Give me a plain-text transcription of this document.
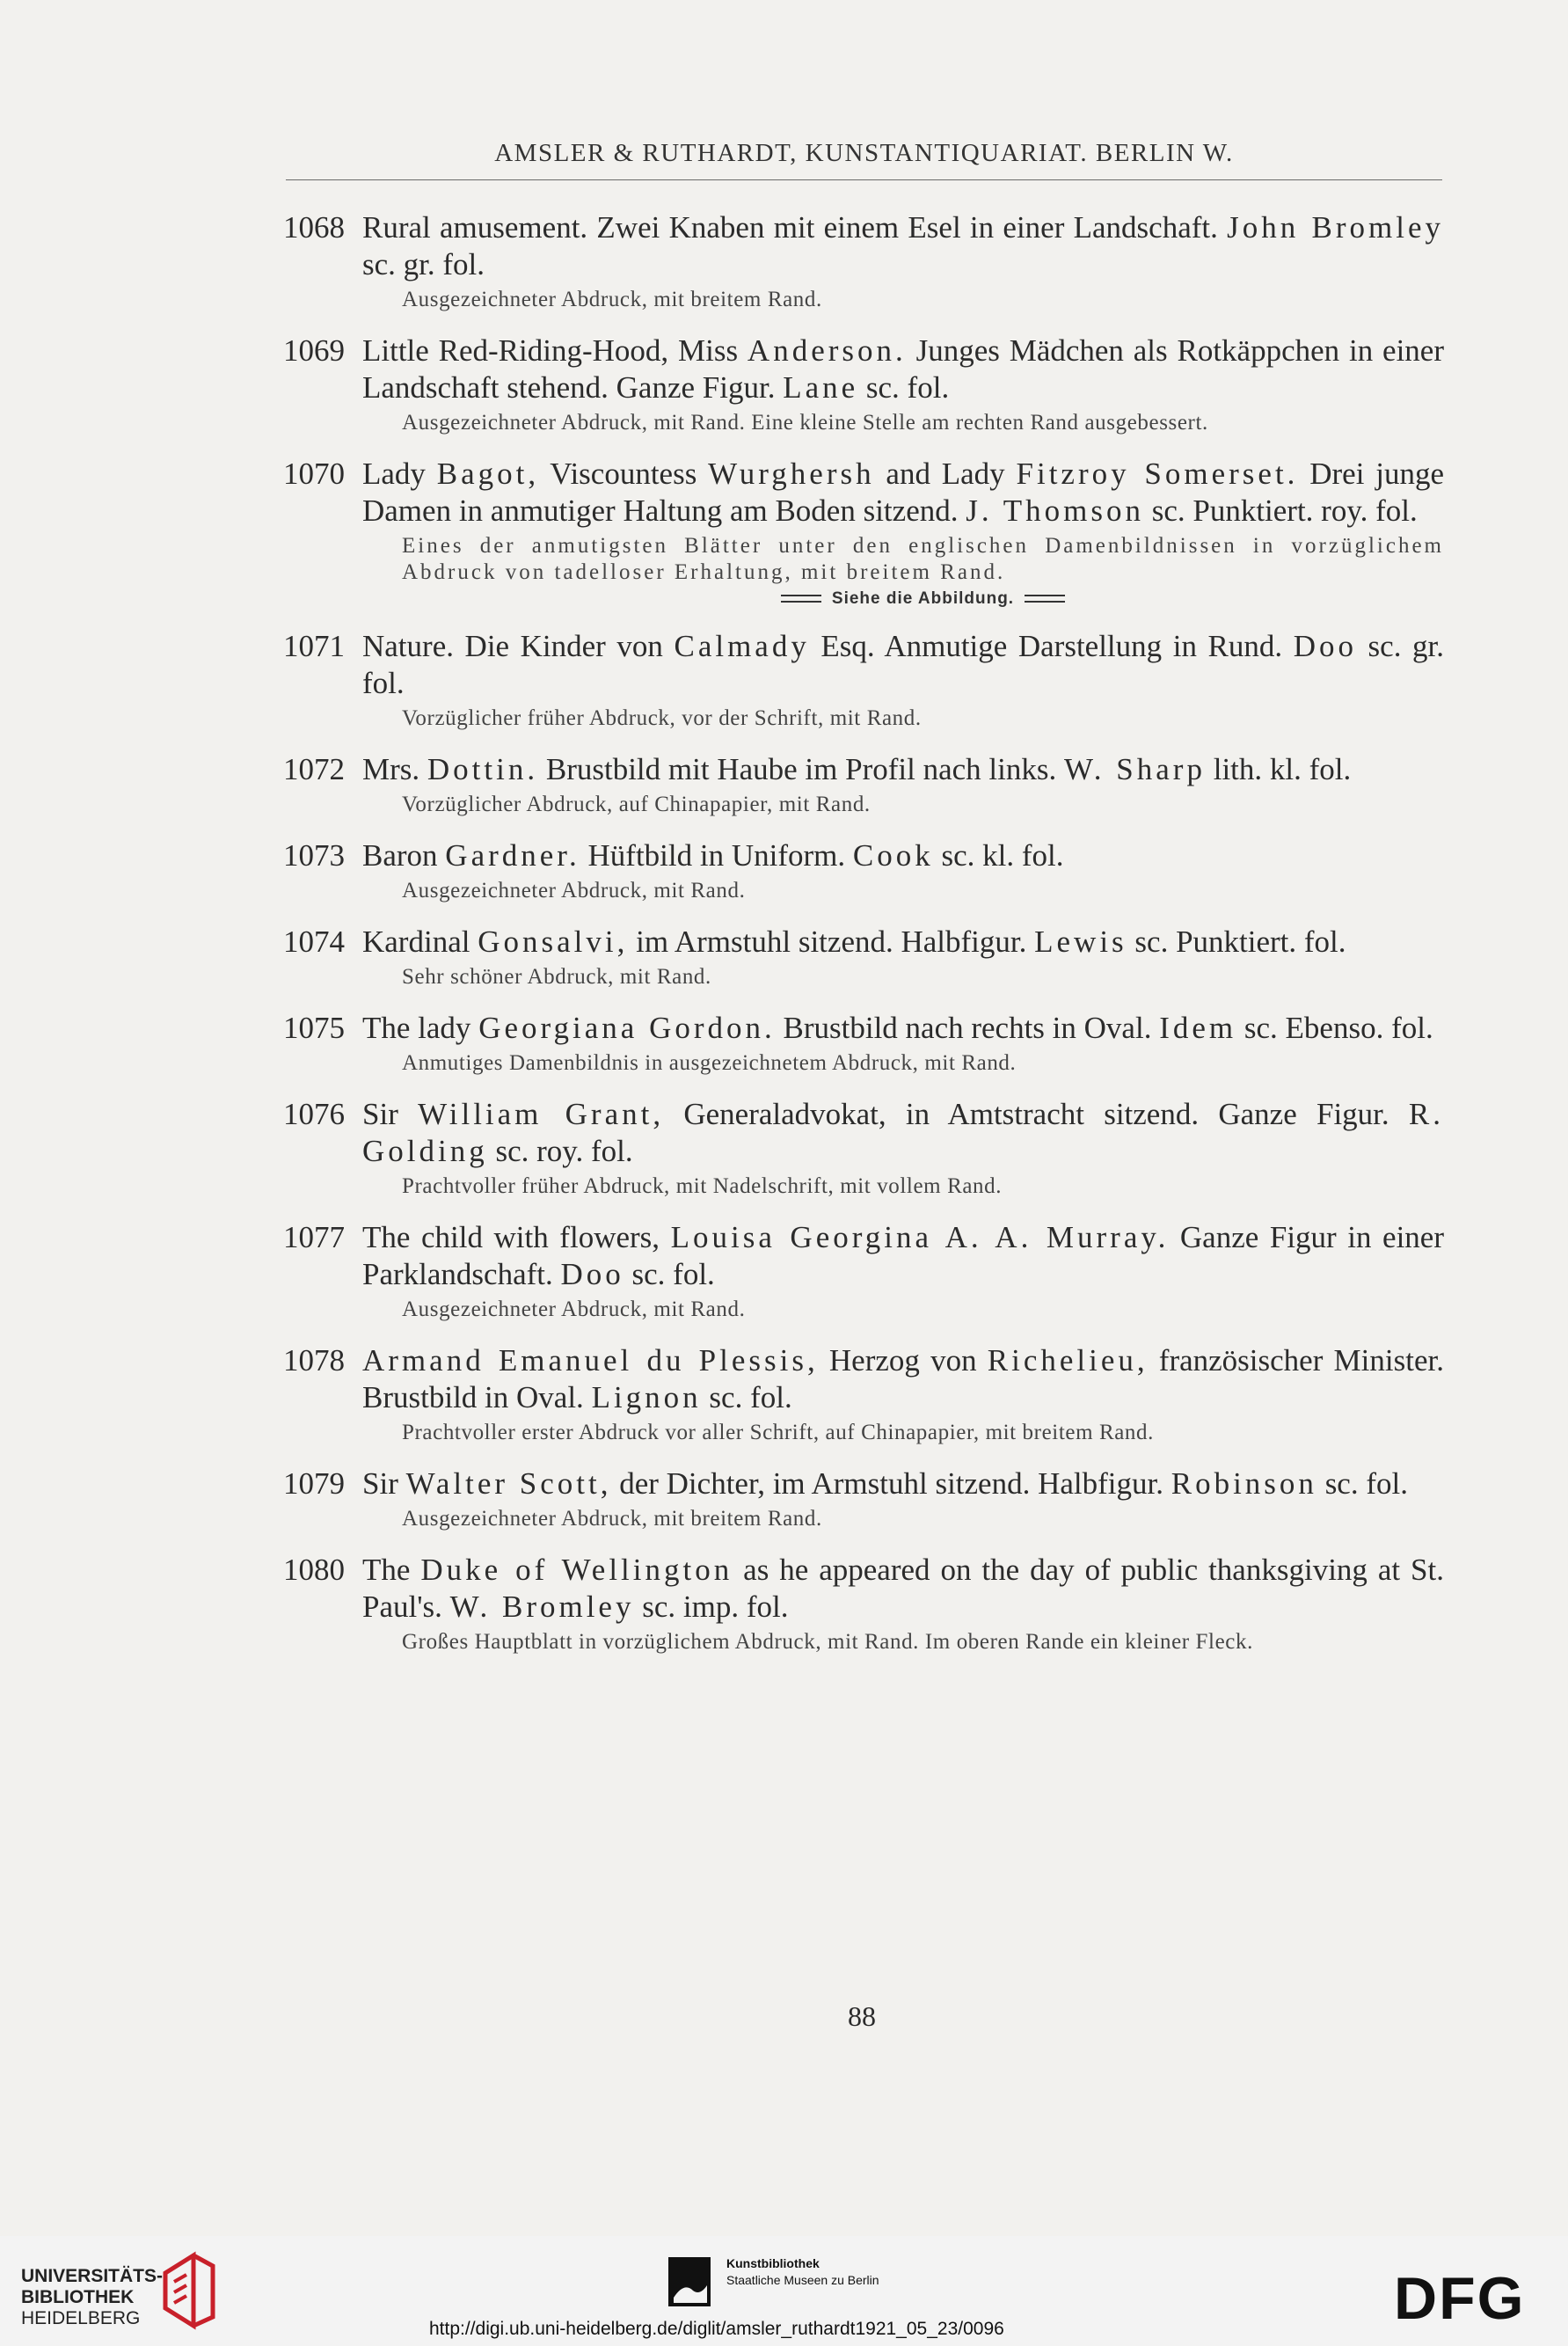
AMSLER & RUTHARDT, KUNSTANTIQUARIAT. BERLIN W.
1068 Rural amusement. Zwei Knaben mit einem Esel in einer Landschaft. John Bromley sc. gr. fol.
Ausgezeichneter Abdruck, mit breitem Rand.
1069 Little Red-Riding-Hood, Miss Anderson. Junges Mädchen als Rotkäppchen in einer Landschaft stehend. Ganze Figur. Lane sc. fol.
Ausgezeichneter Abdruck, mit Rand. Eine kleine Stelle am rechten Rand ausgebessert.
1070 Lady Bagot, Viscountess Wurghersh and Lady Fitzroy Somerset. Drei junge Damen in anmutiger Haltung am Boden sitzend. J. Thomson sc. Punktiert. roy. fol.
Eines der anmutigsten Blätter unter den englischen Damenbildnissen in vorzüglichem Abdruck von tadelloser Erhaltung, mit breitem Rand.
Siehe die Abbildung.
1071 Nature. Die Kinder von Calmady Esq. Anmutige Darstellung in Rund. Doo sc. gr. fol.
Vorzüglicher früher Abdruck, vor der Schrift, mit Rand.
1072 Mrs. Dottin. Brustbild mit Haube im Profil nach links. W. Sharp lith. kl. fol.
Vorzüglicher Abdruck, auf Chinapapier, mit Rand.
1073 Baron Gardner. Hüftbild in Uniform. Cook sc. kl. fol.
Ausgezeichneter Abdruck, mit Rand.
1074 Kardinal Gonsalvi, im Armstuhl sitzend. Halbfigur. Lewis sc. Punktiert. fol.
Sehr schöner Abdruck, mit Rand.
1075 The lady Georgiana Gordon. Brustbild nach rechts in Oval. Idem sc. Ebenso. fol.
Anmutiges Damenbildnis in ausgezeichnetem Abdruck, mit Rand.
1076 Sir William Grant, Generaladvokat, in Amtstracht sitzend. Ganze Figur. R. Golding sc. roy. fol.
Prachtvoller früher Abdruck, mit Nadelschrift, mit vollem Rand.
1077 The child with flowers, Louisa Georgina A. A. Murray. Ganze Figur in einer Parklandschaft. Doo sc. fol.
Ausgezeichneter Abdruck, mit Rand.
1078 Armand Emanuel du Plessis, Herzog von Richelieu, französischer Minister. Brustbild in Oval. Lignon sc. fol.
Prachtvoller erster Abdruck vor aller Schrift, auf Chinapapier, mit breitem Rand.
1079 Sir Walter Scott, der Dichter, im Armstuhl sitzend. Halbfigur. Robinson sc. fol.
Ausgezeichneter Abdruck, mit breitem Rand.
1080 The Duke of Wellington as he appeared on the day of public thanksgiving at St. Paul's. W. Bromley sc. imp. fol.
Großes Hauptblatt in vorzüglichem Abdruck, mit Rand. Im oberen Rande ein kleiner Fleck.
88
UNIVERSITÄTS-
BIBLIOTHEK
HEIDELBERG
Kunstbibliothek
Staatliche Museen zu Berlin	DFG
http://digi.ub.uni-heidelberg.de/diglit/amsler_ruthardt1921_05_23/0096
